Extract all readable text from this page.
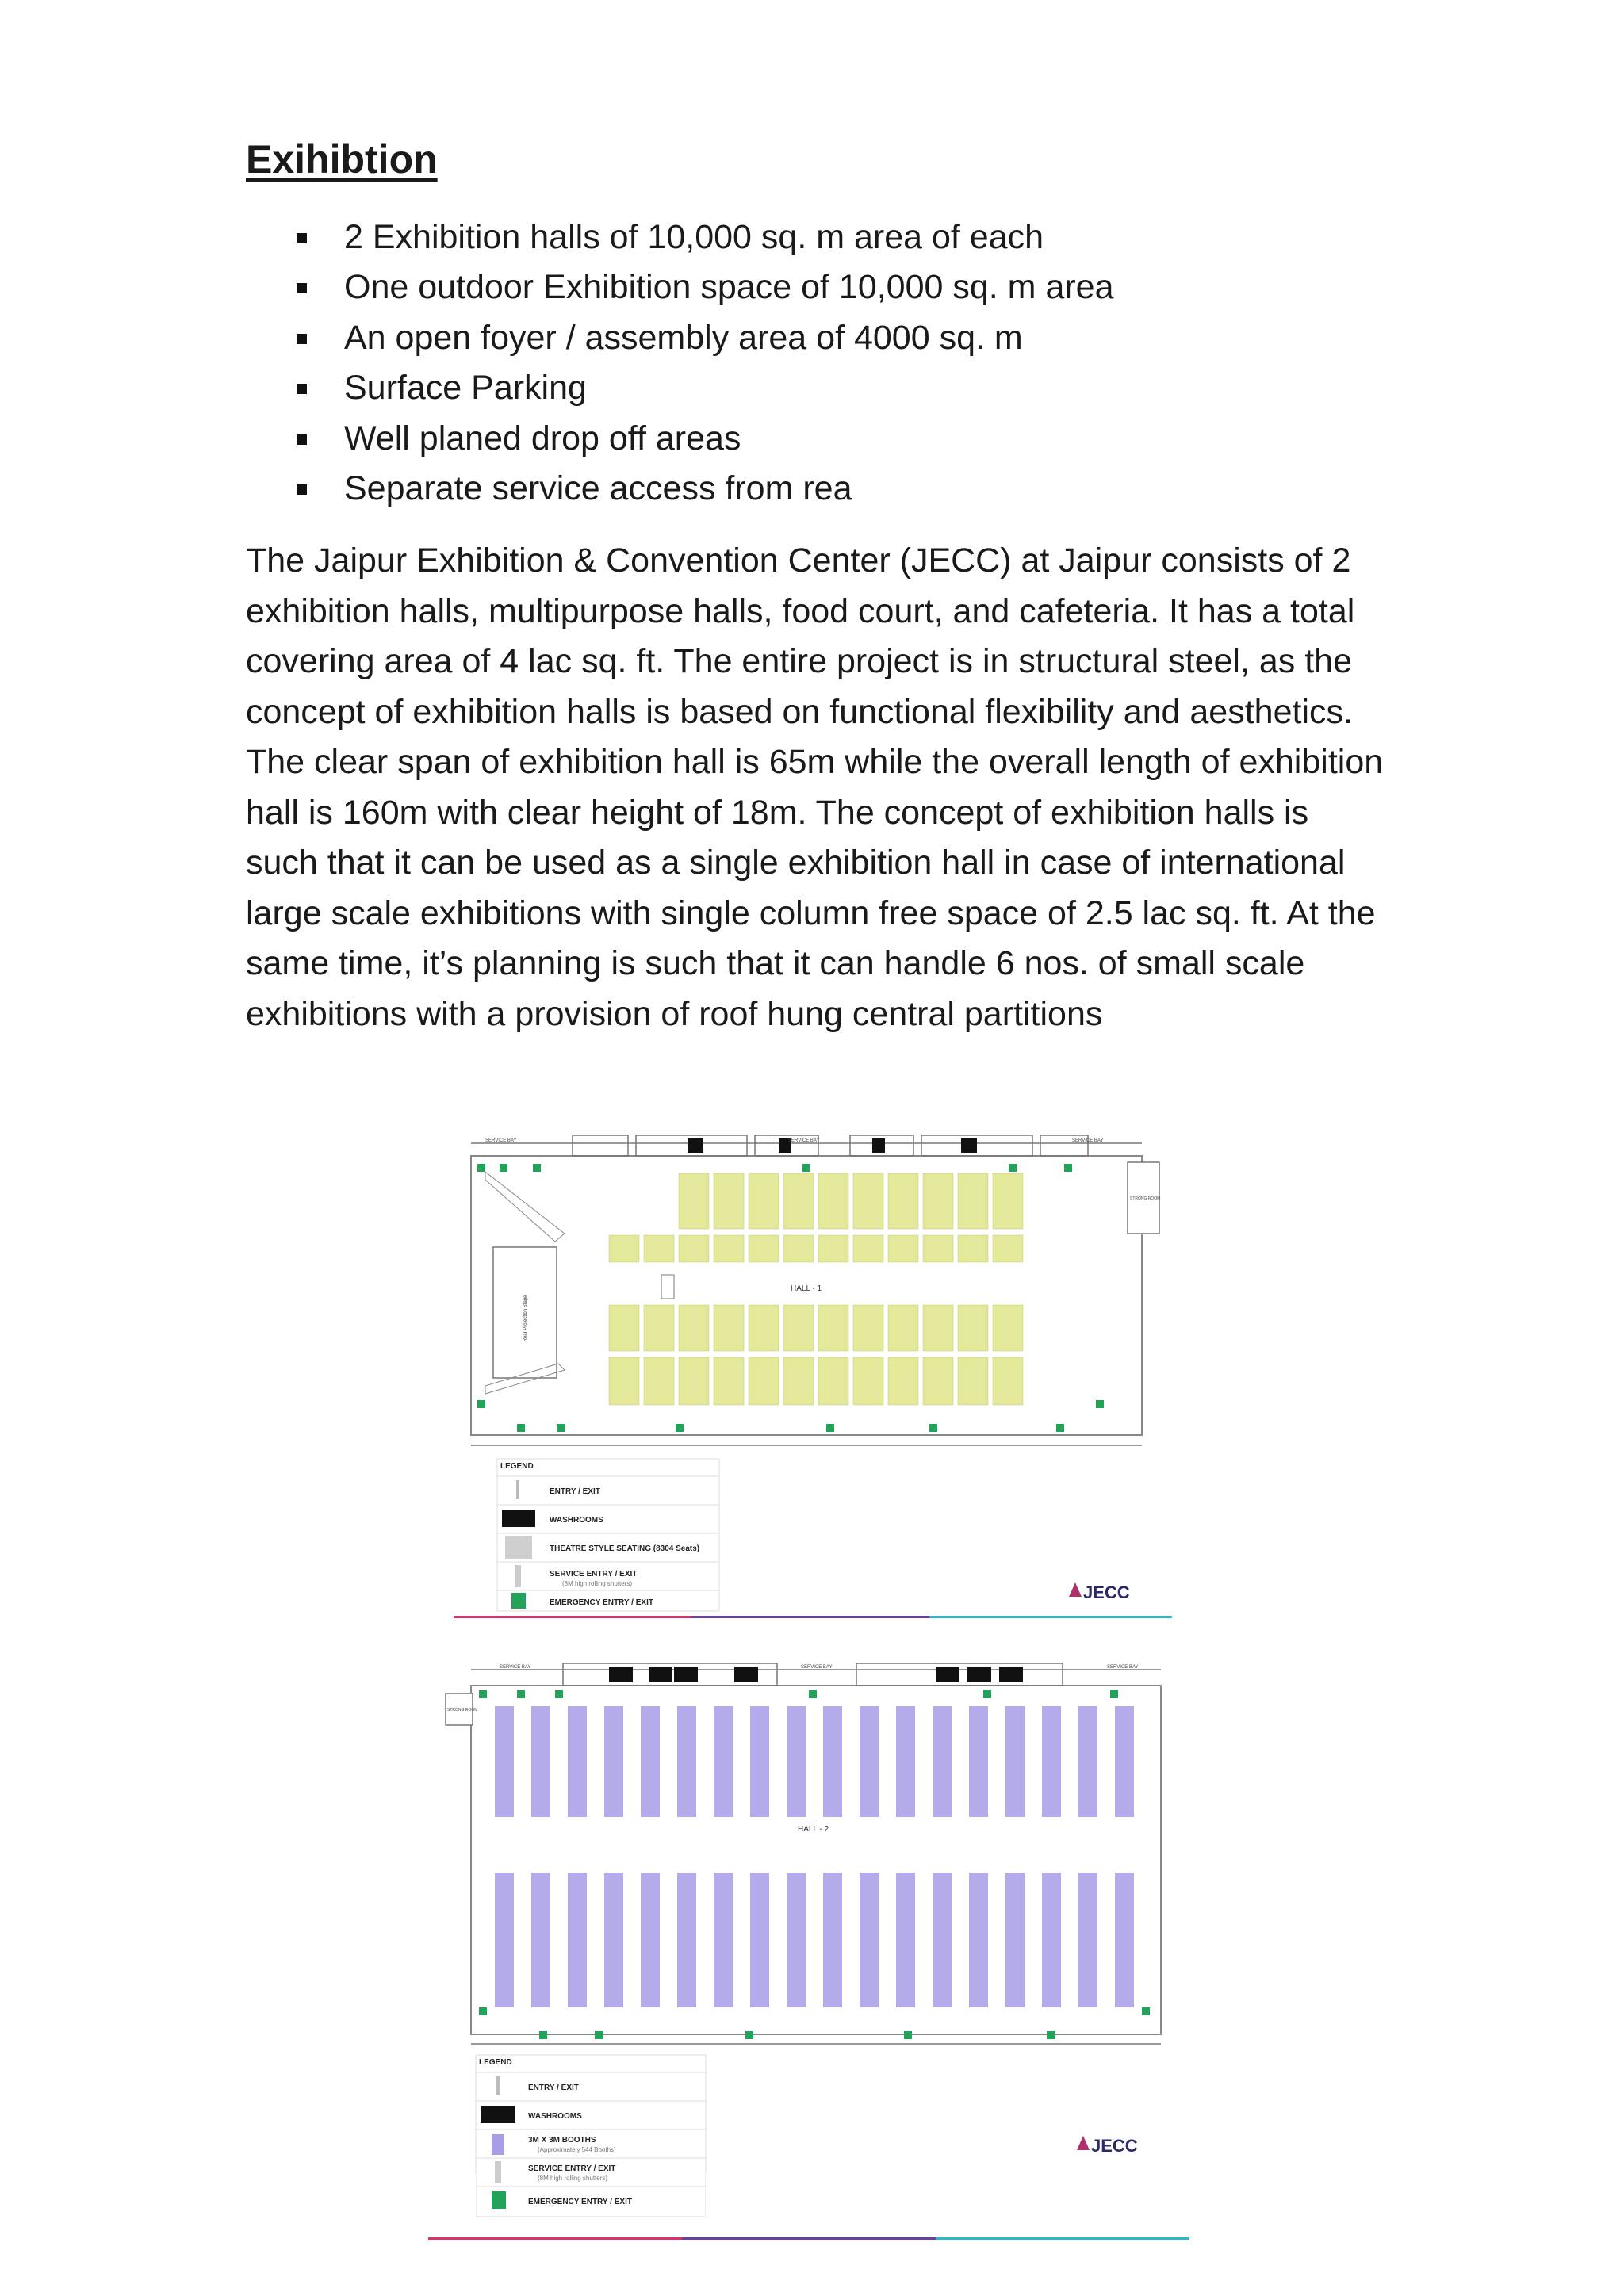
Exihibtion
2 Exhibition halls of 10,000 sq. m area of each
One outdoor Exhibition space of 10,000 sq. m area
An open foyer / assembly area of 4000 sq. m
Surface Parking
Well planed drop off areas
Separate service access from rea

The Jaipur Exhibition & Convention Center (JECC) at Jaipur consists of 2 exhibition halls, multipurpose halls, food court, and cafeteria. It has a total covering area of 4 lac sq. ft. The entire project is in structural steel, as the concept of exhibition halls is based on functional flexibility and aesthetics. The clear span of exhibition hall is 65m while the overall length of exhibition hall is 160m with clear height of 18m. The concept of exhibition halls is such that it can be used as a single exhibition hall in case of international large scale exhibitions with single column free space of 2.5 lac sq. ft. At the same time, it’s planning is such that it can handle 6 nos. of small scale exhibitions with a provision of roof hung central partitions

SERVICE BAY	SERVICE BAY	SERVICE BAY
STRONG ROOM
Rear Projection Stage
HALL - 1
LEGEND
ENTRY / EXIT
WASHROOMS
THEATRE STYLE SEATING (8304 Seats)
SERVICE ENTRY / EXIT
(8M high rolling shutters)
EMERGENCY ENTRY / EXIT
JECC
SERVICE BAY	SERVICE BAY	SERVICE BAY
STRONG ROOM
HALL - 2
LEGEND
ENTRY / EXIT
WASHROOMS
3M X 3M BOOTHS
(Approximately 544 Booths)	JECC
SERVICE ENTRY / EXIT
(8M high rolling shutters)
EMERGENCY ENTRY / EXIT
